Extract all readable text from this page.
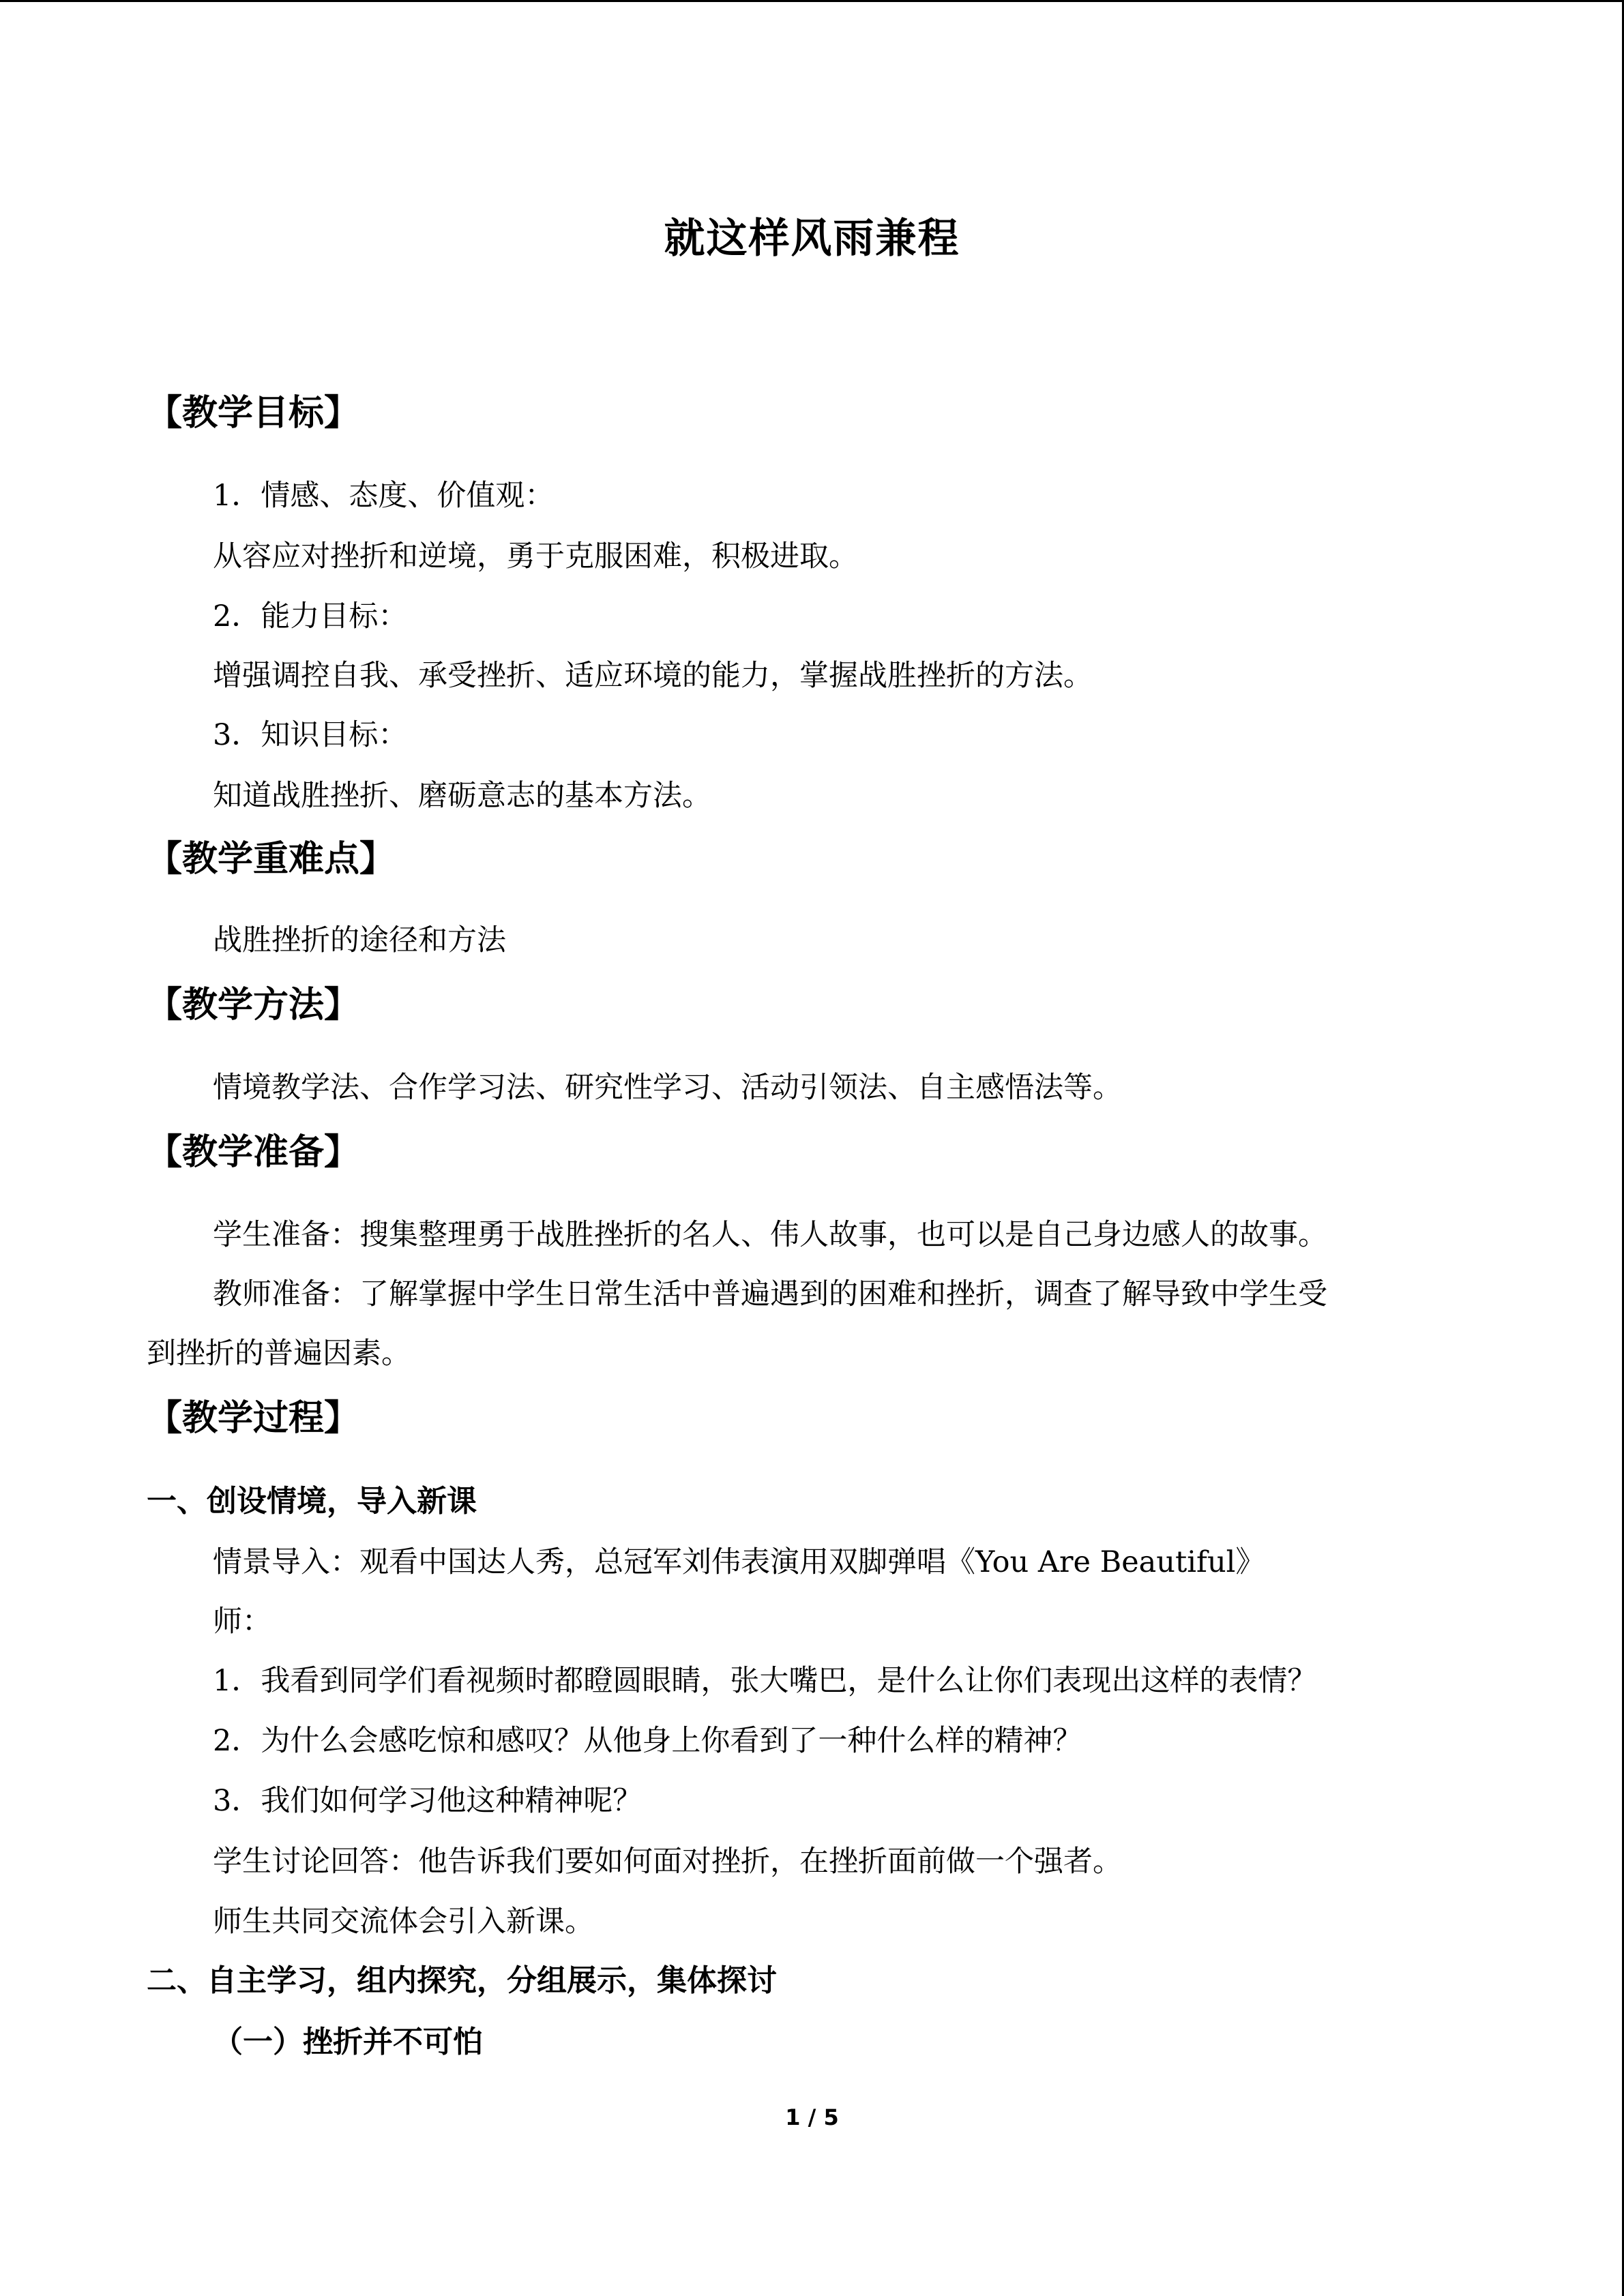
就这样风雨兼程
【教学目标】
1．情感、态度、价值观：
从容应对挫折和逆境，勇于克服困难，积极进取。
2．能力目标：
增强调控自我、承受挫折、适应环境的能力，掌握战胜挫折的方法。
3．知识目标：
知道战胜挫折、磨砺意志的基本方法。
【教学重难点】
战胜挫折的途径和方法
【教学方法】
情境教学法、合作学习法、研究性学习、活动引领法、自主感悟法等。
【教学准备】
学生准备：搜集整理勇于战胜挫折的名人、伟人故事，也可以是自己身边感人的故事。
教师准备：了解掌握中学生日常生活中普遍遇到的困难和挫折，调查了解导致中学生受
到挫折的普遍因素。
【教学过程】
一、创设情境，导入新课
情景导入：观看中国达人秀，总冠军刘伟表演用双脚弹唱《You Are Beautiful》
师：
1．我看到同学们看视频时都瞪圆眼睛，张大嘴巴，是什么让你们表现出这样的表情？
2．为什么会感吃惊和感叹？从他身上你看到了一种什么样的精神？
3．我们如何学习他这种精神呢？
学生讨论回答：他告诉我们要如何面对挫折，在挫折面前做一个强者。
师生共同交流体会引入新课。
二、自主学习，组内探究，分组展示，集体探讨
（一）挫折并不可怕
1 / 5
